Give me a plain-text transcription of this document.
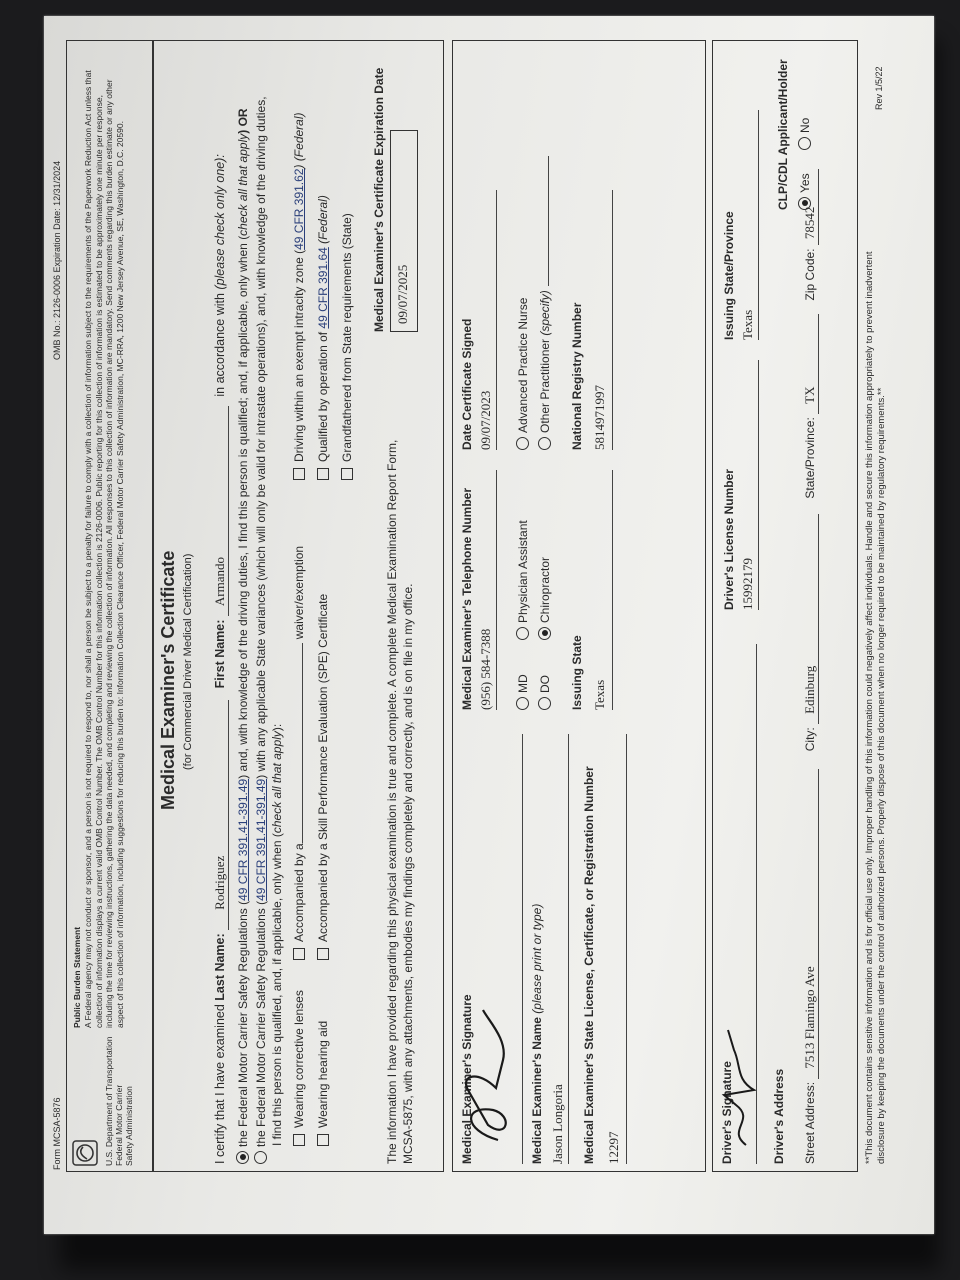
Form MCSA-5876
OMB No.: 2126-0006 Expiration Date: 12/31/2024
U.S. Department of Transportation Federal Motor Carrier Safety Administration
Public Burden Statement A Federal agency may not conduct or sponsor, and a person is not required to respond to, nor shall a person be subject to a penalty for failure to comply with a collection of information subject to the requirements of the Paperwork Reduction Act unless that collection of information displays a current valid OMB Control Number. The OMB Control Number for this information collection is 2126-0006. Public reporting for this collection of information is estimated to be approximately one minute per response, including the time for reviewing instructions, gathering the data needed, and completing and reviewing the collection of information. All responses to this collection of information are mandatory. Send comments regarding this burden estimate or any other aspect of this collection of information, including suggestions for reducing this burden to: Information Collection Clearance Officer, Federal Motor Carrier Safety Administration, MC-RRA, 1200 New Jersey Avenue, SE, Washington, D.C. 20590. Medical Examiner's Certificate (for Commercial Driver Medical Certification)
I certify that I have examined Last Name: Rodriguez First Name: Armando in accordance with (please check only one):
the Federal Motor Carrier Safety Regulations (49 CFR 391.41-391.49) and, with knowledge of the driving duties, I find this person is qualified; and, if applicable, only when (check all that apply) OR
the Federal Motor Carrier Safety Regulations (49 CFR 391.41-391.49) with any applicable State variances (which will only be valid for intrastate operations), and, with knowledge of the driving duties,
I find this person is qualified, and, if applicable, only when (check all that apply):
Wearing corrective lenses Wearing hearing aid
Accompanied by awaiver/exemption
Accompanied by a Skill Performance Evaluation (SPE) Certificate
Driving within an exempt intracity zone (49 CFR 391.62) (Federal)
Qualified by operation of 49 CFR 391.64 (Federal) Grandfathered from State requirements (State)
The information I have provided regarding this physical examination is true and complete. A complete Medical Examination Report Form, MCSA-5875, with any attachments, embodies my findings completely and correctly, and is on file in my office.
Medical Examiner's Certificate Expiration Date 09/07/2025
Medical Examiner's Signature
Medical Examiner's Telephone Number (956) 584-7388
Date Certificate Signed 09/07/2023
Medical Examiner's Name (please print or type)
Jason Longoria
MD DO
Physician Assistant Chiropractor
Advanced Practice Nurse Other Practitioner (specify)
Medical Examiner's State License, Certificate, or Registration Number 12297
Issuing State Texas
National Registry Number 5814971997
Driver's Signature
Driver's License Number 15992179
Issuing State/Province Texas
Driver's Address Street Address: 7513 Flamingo Ave City: Edinburg State/Province: TX Zip Code: 78542
CLP/CDL Applicant/Holder Yes
No
**This document contains sensitive information and is for official use only. Improper handling of this information could negatively affect individuals. Handle and secure this information appropriately to prevent inadvertent disclosure by keeping the documents under the control of authorized persons. Properly dispose of this document when no longer required to be maintained by regulatory requirements.**
Rev 1/5/22
